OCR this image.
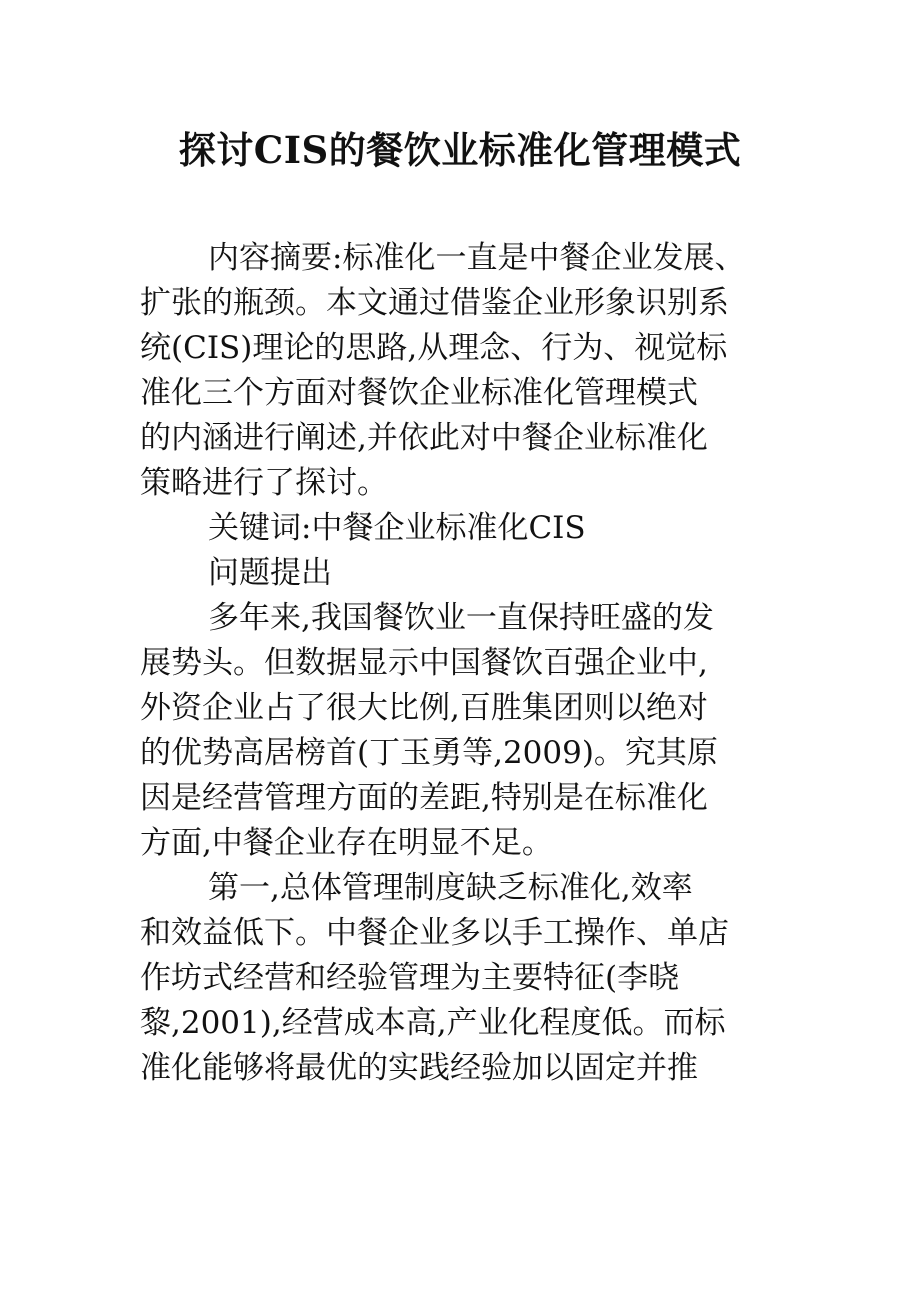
探讨CIS的餐饮业标准化管理模式

内容摘要:标准化一直是中餐企业发展、

扩张的瓶颈。本文通过借鉴企业形象识别系

统(CIS)理论的思路,从理念、行为、视觉标

准化三个方面对餐饮企业标准化管理模式

的内涵进行阐述,并依此对中餐企业标准化

策略进行了探讨。

关键词:中餐企业标准化CIS

问题提出

多年来,我国餐饮业一直保持旺盛的发

展势头。但数据显示中国餐饮百强企业中,

外资企业占了很大比例,百胜集团则以绝对

的优势高居榜首(丁玉勇等,2009)。究其原

因是经营管理方面的差距,特别是在标准化

方面,中餐企业存在明显不足。

第一,总体管理制度缺乏标准化,效率

和效益低下。中餐企业多以手工操作、单店

作坊式经营和经验管理为主要特征(李晓

黎,2001),经营成本高,产业化程度低。而标

准化能够将最优的实践经验加以固定并推
